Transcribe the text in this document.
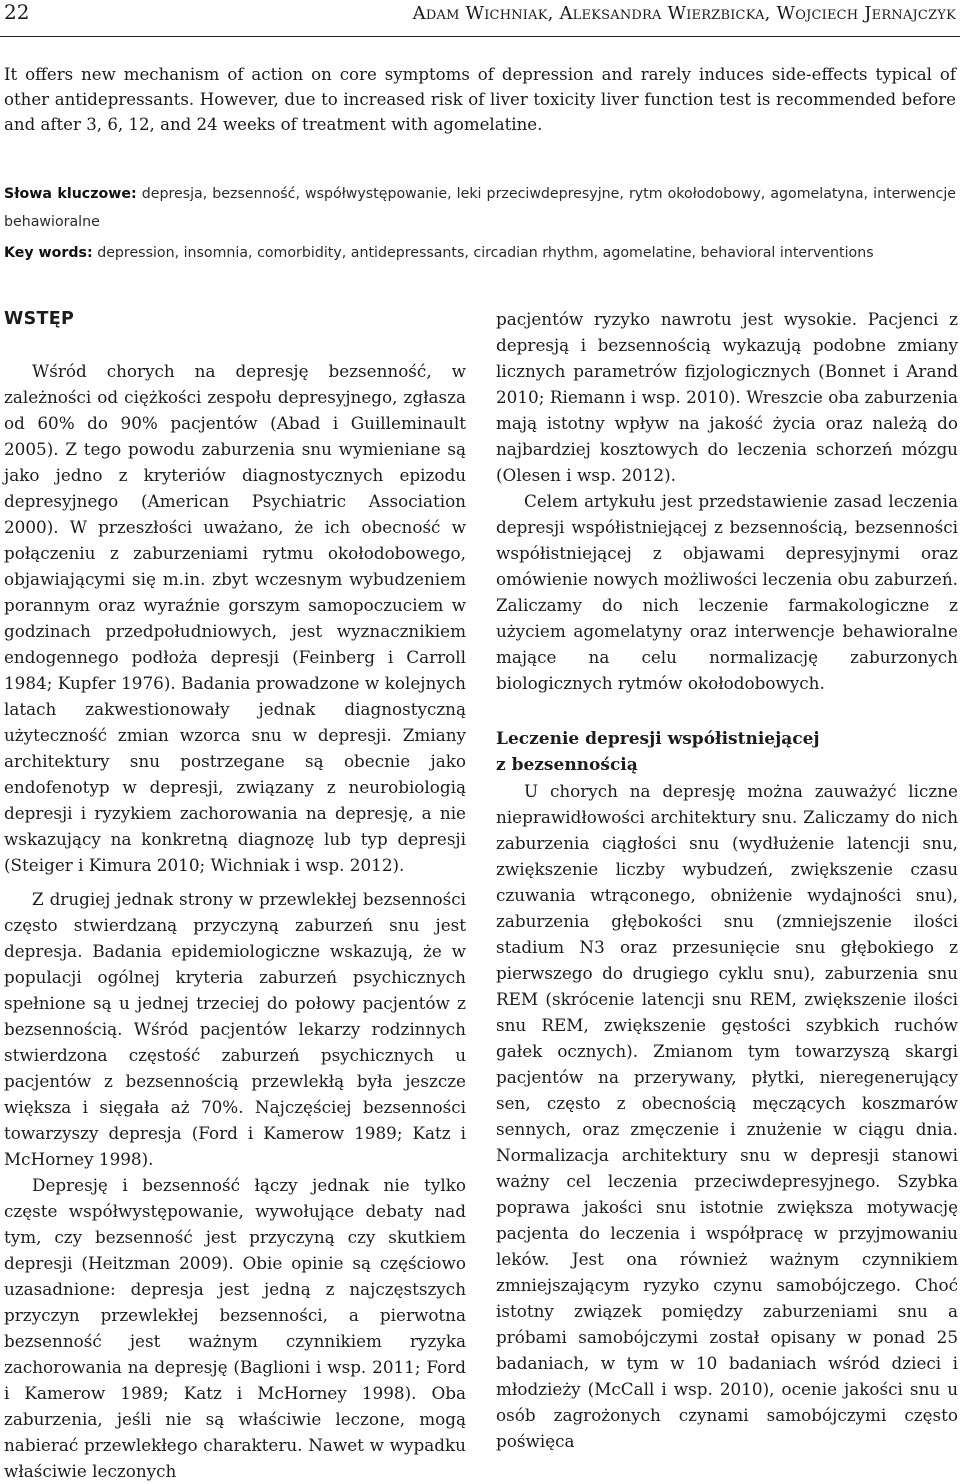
22	Adam Wichniak, Aleksandra Wierzbicka, Wojciech Jernajczyk

It offers new mechanism of action on core symptoms of depression and rarely induces side-effects typical of other antidepressants. However, due to increased risk of liver toxicity liver function test is recommended before and after 3, 6, 12, and 24 weeks of treatment with agomelatine.

Słowa kluczowe: depresja, bezsenność, współwystępowanie, leki przeciwdepresyjne, rytm okołodobowy, agomelatyna, interwencje behawioralne

Key words: depression, insomnia, comorbidity, antidepressants, circadian rhythm, agomelatine, behavioral interventions

WSTĘP

Wśród chorych na depresję bezsenność, w zależności od ciężkości zespołu depresyjnego, zgłasza od 60% do 90% pacjentów (Abad i Guilleminault 2005). Z tego powodu zaburzenia snu wymieniane są jako jedno z kryteriów diagnostycznych epizodu depresyjnego (American Psychiatric Association 2000). W przeszłości uważano, że ich obecność w połączeniu z zaburzeniami rytmu okołodobowego, objawiającymi się m.in. zbyt wczesnym wybudzeniem porannym oraz wyraźnie gorszym samopoczuciem w godzinach przedpołudniowych, jest wyznacznikiem endogennego podłoża depresji (Feinberg i Carroll 1984; Kupfer 1976). Badania prowadzone w kolejnych latach zakwestionowały jednak diagnostyczną użyteczność zmian wzorca snu w depresji. Zmiany architektury snu postrzegane są obecnie jako endofenotyp w depresji, związany z neurobiologią depresji i ryzykiem zachorowania na depresję, a nie wskazujący na konkretną diagnozę lub typ depresji (Steiger i Kimura 2010; Wichniak i wsp. 2012).

Z drugiej jednak strony w przewlekłej bezsenności często stwierdzaną przyczyną zaburzeń snu jest depresja. Badania epidemiologiczne wskazują, że w populacji ogólnej kryteria zaburzeń psychicznych spełnione są u jednej trzeciej do połowy pacjentów z bezsennością. Wśród pacjentów lekarzy rodzinnych stwierdzona częstość zaburzeń psychicznych u pacjentów z bezsennością przewlekłą była jeszcze większa i sięgała aż 70%. Najczęściej bezsenności towarzyszy depresja (Ford i Kamerow 1989; Katz i McHorney 1998).

Depresję i bezsenność łączy jednak nie tylko częste współwystępowanie, wywołujące debaty nad tym, czy bezsenność jest przyczyną czy skutkiem depresji (Heitzman 2009). Obie opinie są częściowo uzasadnione: depresja jest jedną z najczęstszych przyczyn przewlekłej bezsenności, a pierwotna bezsenność jest ważnym czynnikiem ryzyka zachorowania na depresję (Baglioni i wsp. 2011; Ford i Kamerow 1989; Katz i McHorney 1998). Oba zaburzenia, jeśli nie są właściwie leczone, mogą nabierać przewlekłego charakteru. Nawet w wypadku właściwie leczonych

pacjentów ryzyko nawrotu jest wysokie. Pacjenci z depresją i bezsennością wykazują podobne zmiany licznych parametrów fizjologicznych (Bonnet i Arand 2010; Riemann i wsp. 2010). Wreszcie oba zaburzenia mają istotny wpływ na jakość życia oraz należą do najbardziej kosztowych do leczenia schorzeń mózgu (Olesen i wsp. 2012).

Celem artykułu jest przedstawienie zasad leczenia depresji współistniejącej z bezsennością, bezsenności współistniejącej z objawami depresyjnymi oraz omówienie nowych możliwości leczenia obu zaburzeń. Zaliczamy do nich leczenie farmakologiczne z użyciem agomelatyny oraz interwencje behawioralne mające na celu normalizację zaburzonych biologicznych rytmów okołodobowych.

Leczenie depresji współistniejącej
z bezsennością

U chorych na depresję można zauważyć liczne nieprawidłowości architektury snu. Zaliczamy do nich zaburzenia ciągłości snu (wydłużenie latencji snu, zwiększenie liczby wybudzeń, zwiększenie czasu czuwania wtrąconego, obniżenie wydajności snu), zaburzenia głębokości snu (zmniejszenie ilości stadium N3 oraz przesunięcie snu głębokiego z pierwszego do drugiego cyklu snu), zaburzenia snu REM (skrócenie latencji snu REM, zwiększenie ilości snu REM, zwiększenie gęstości szybkich ruchów gałek ocznych). Zmianom tym towarzyszą skargi pacjentów na przerywany, płytki, nieregenerujący sen, często z obecnością męczących koszmarów sennych, oraz zmęczenie i znużenie w ciągu dnia. Normalizacja architektury snu w depresji stanowi ważny cel leczenia przeciwdepresyjnego. Szybka poprawa jakości snu istotnie zwiększa motywację pacjenta do leczenia i współpracę w przyjmowaniu leków. Jest ona również ważnym czynnikiem zmniejszającym ryzyko czynu samobójczego. Choć istotny związek pomiędzy zaburzeniami snu a próbami samobójczymi został opisany w ponad 25 badaniach, w tym w 10 badaniach wśród dzieci i młodzieży (McCall i wsp. 2010), ocenie jakości snu u osób zagrożonych czynami samobójczymi często poświęca
